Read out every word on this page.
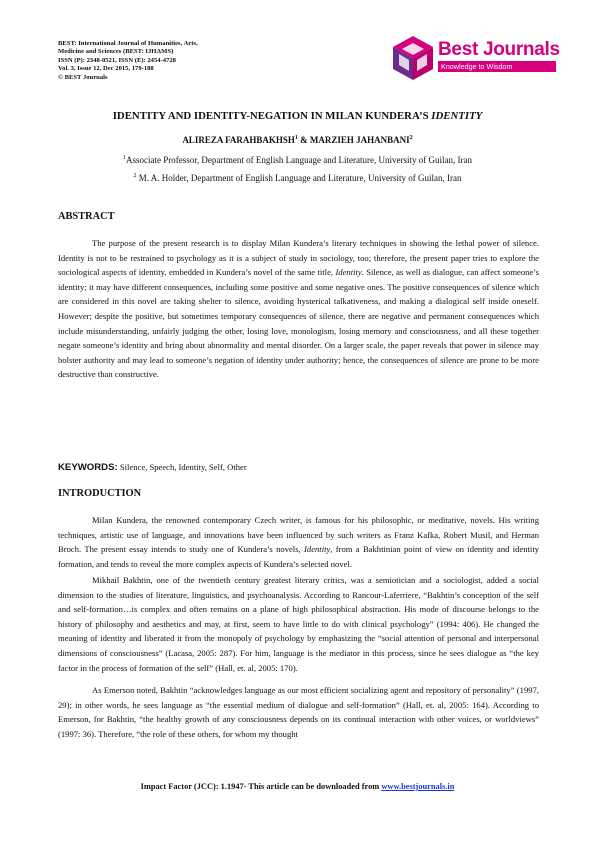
BEST: International Journal of Humanities, Arts,
Medicine and Sciences (BEST: IJHAMS)
ISSN (P): 2348-0521, ISSN (E): 2454-4728
Vol. 3, Issue 12, Dec 2015, 179-188
© BEST Journals
Best Journals
Knowledge to Wisdom
IDENTITY AND IDENTITY-NEGATION IN MILAN KUNDERA’S IDENTITY
ALIREZA FARAHBAKHSH$^1$ & MARZIEH JAHANBANI$^2$
$^1$Associate Professor, Department of English Language and Literature, University of Guilan, Iran
$^2$ M. A. Holder, Department of English Language and Literature, University of Guilan, Iran
ABSTRACT
The purpose of the present research is to display Milan Kundera’s literary techniques in showing the lethal power of silence. Identity is not to be restrained to psychology as it is a subject of study in sociology, too; therefore, the present paper tries to explore the sociological aspects of identity, embedded in Kundera’s novel of the same title, Identity. Silence, as well as dialogue, can affect someone’s identity; it may have different consequences, including some positive and some negative ones. The positive consequences of silence which are considered in this novel are taking shelter to silence, avoiding hysterical talkativeness, and making a dialogical self inside oneself. However; despite the positive, but sometimes temporary consequences of silence, there are negative and permanent consequences which include misunderstanding, unfairly judging the other, losing love, monologism, losing memory and consciousness, and all these together negate someone’s identity and bring about abnormality and mental disorder. On a larger scale, the paper reveals that power in silence may bolster authority and may lead to someone’s negation of identity under authority; hence, the consequences of silence are prone to be more destructive than constructive.
KEYWORDS: Silence, Speech, Identity, Self, Other
INTRODUCTION
Milan Kundera, the renowned contemporary Czech writer, is famous for his philosophic, or meditative, novels. His writing techniques, artistic use of language, and innovations have been influenced by such writers as Franz Kafka, Robert Musil, and Herman Broch. The present essay intends to study one of Kundera’s novels, Identity, from a Bakhtinian point of view on identity and identity formation, and tends to reveal the more complex aspects of Kundera’s selected novel.
Mikhail Bakhtin, one of the twentieth century greatest literary critics, was a semiotician and a sociologist, added a social dimension to the studies of literature, linguistics, and psychoanalysis. According to Rancour-Laferriere, “Bakhtin’s conception of the self and self-formation…is complex and often remains on a plane of high philosophical abstraction. His mode of discourse belongs to the history of philosophy and aesthetics and may, at first, seem to have little to do with clinical psychology” (1994: 406). He changed the meaning of identity and liberated it from the monopoly of psychology by emphasizing the “social attention of personal and interpersonal dimensions of consciousness” (Lacasa, 2005: 287). For him, language is the mediator in this process, since he sees dialogue as “the key factor in the process of formation of the self” (Hall, et. al, 2005: 170).
As Emerson noted, Bakhtin “acknowledges language as our most efficient socializing agent and repository of personality” (1997, 29); in other words, he sees language as “the essential medium of dialogue and self-formation” (Hall, et. al, 2005: 164). According to Emerson, for Bakhtin, “the healthy growth of any consciousness depends on its continual interaction with other voices, or worldviews” (1997: 36). Therefore, “the role of these others, for whom my thought
Impact Factor (JCC): 1.1947- This article can be downloaded from www.bestjournals.in
